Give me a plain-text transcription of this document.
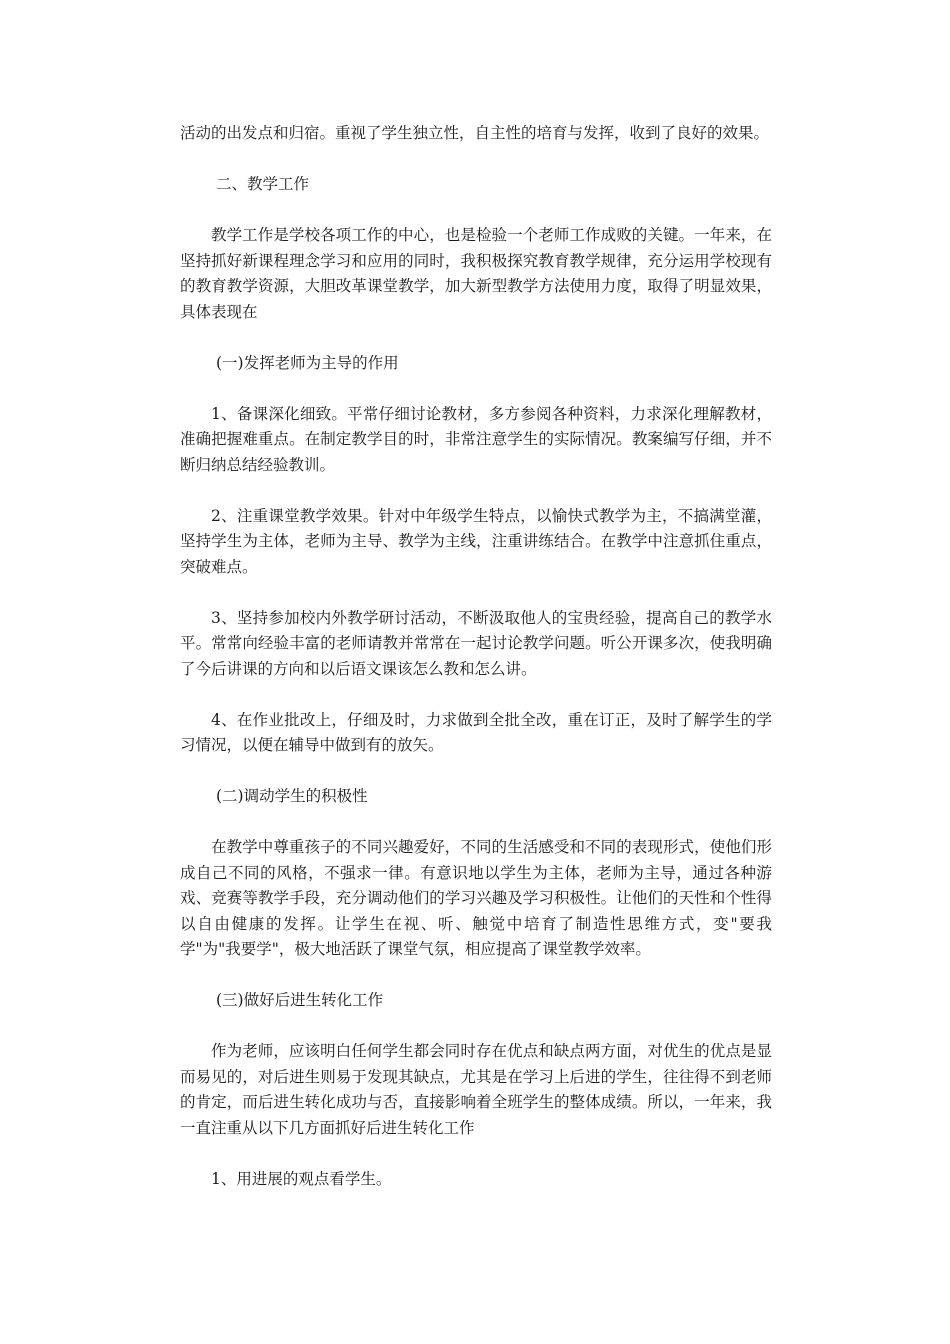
活动的出发点和归宿。重视了学生独立性，自主性的培育与发挥，收到了良好的效果。

二、教学工作

教学工作是学校各项工作的中心，也是检验一个老师工作成败的关键。一年来，在坚持抓好新课程理念学习和应用的同时，我积极探究教育教学规律，充分运用学校现有的教育教学资源，大胆改革课堂教学，加大新型教学方法使用力度，取得了明显效果，具体表现在

(一)发挥老师为主导的作用

1、备课深化细致。平常仔细讨论教材，多方参阅各种资料，力求深化理解教材，准确把握难重点。在制定教学目的时，非常注意学生的实际情况。教案编写仔细，并不断归纳总结经验教训。

2、注重课堂教学效果。针对中年级学生特点，以愉快式教学为主，不搞满堂灌，坚持学生为主体，老师为主导、教学为主线，注重讲练结合。在教学中注意抓住重点，突破难点。

3、坚持参加校内外教学研讨活动，不断汲取他人的宝贵经验，提高自己的教学水平。常常向经验丰富的老师请教并常常在一起讨论教学问题。听公开课多次，使我明确了今后讲课的方向和以后语文课该怎么教和怎么讲。

4、在作业批改上，仔细及时，力求做到全批全改，重在订正，及时了解学生的学习情况，以便在辅导中做到有的放矢。

(二)调动学生的积极性

在教学中尊重孩子的不同兴趣爱好，不同的生活感受和不同的表现形式，使他们形成自己不同的风格，不强求一律。有意识地以学生为主体，老师为主导，通过各种游戏、竞赛等教学手段，充分调动他们的学习兴趣及学习积极性。让他们的天性和个性得以自由健康的发挥。让学生在视、听、触觉中培育了制造性思维方式，变"要我学"为"我要学"，极大地活跃了课堂气氛，相应提高了课堂教学效率。

(三)做好后进生转化工作

作为老师，应该明白任何学生都会同时存在优点和缺点两方面，对优生的优点是显而易见的，对后进生则易于发现其缺点，尤其是在学习上后进的学生，往往得不到老师的肯定，而后进生转化成功与否，直接影响着全班学生的整体成绩。所以，一年来，我一直注重从以下几方面抓好后进生转化工作

1、用进展的观点看学生。
